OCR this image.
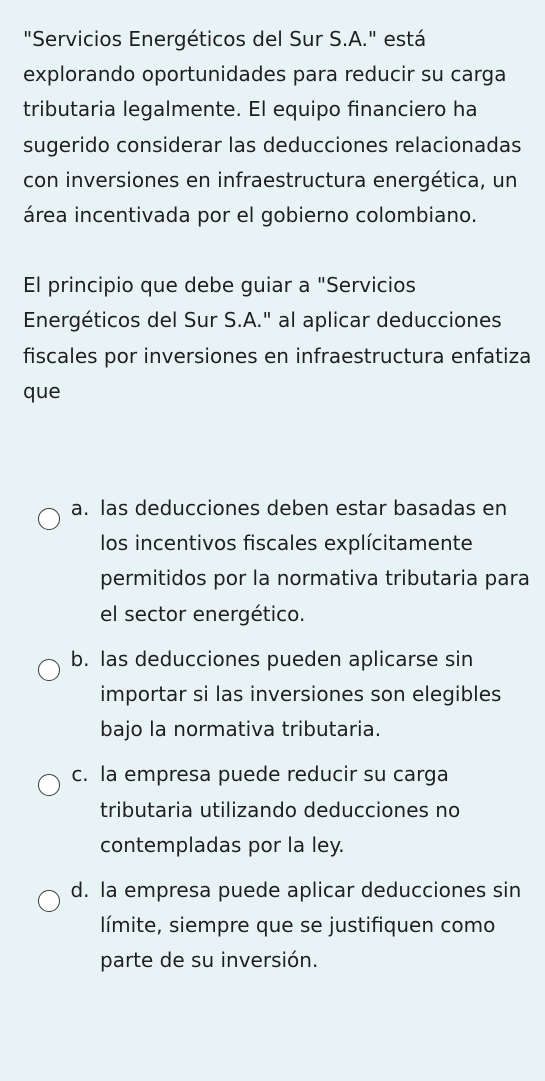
"Servicios Energéticos del Sur S.A." está explorando oportunidades para reducir su carga tributaria legalmente. El equipo financiero ha sugerido considerar las deducciones relacionadas con inversiones en infraestructura energética, un área incentivada por el gobierno colombiano.

El principio que debe guiar a "Servicios Energéticos del Sur S.A." al aplicar deducciones fiscales por inversiones en infraestructura enfatiza que

a. las deducciones deben estar basadas en los incentivos fiscales explícitamente permitidos por la normativa tributaria para el sector energético.
b. las deducciones pueden aplicarse sin importar si las inversiones son elegibles bajo la normativa tributaria.
c. la empresa puede reducir su carga tributaria utilizando deducciones no contempladas por la ley.
d. la empresa puede aplicar deducciones sin límite, siempre que se justifiquen como parte de su inversión.
